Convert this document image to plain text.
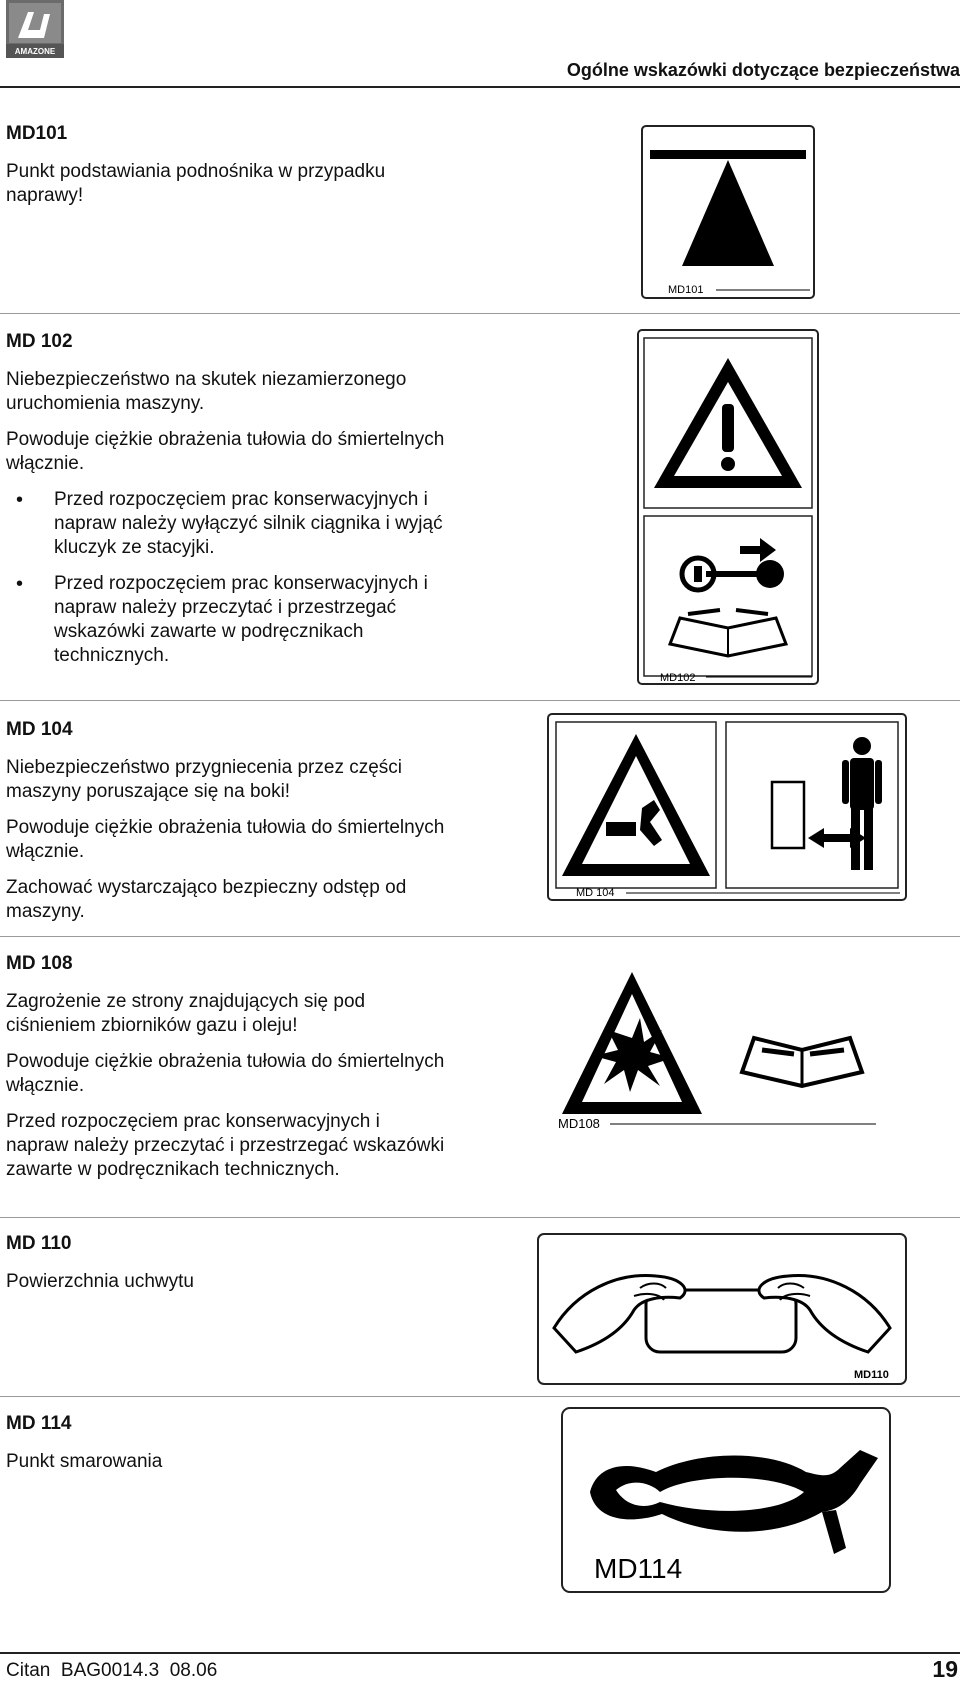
AMAZONE
Ogólne wskazówki dotyczące bezpieczeństwa
MD101

Punkt podstawiania podnośnika w przypadku naprawy!

MD101
MD 102

Niebezpieczeństwo na skutek niezamierzonego uruchomienia maszyny.

Powoduje ciężkie obrażenia tułowia do śmiertelnych włącznie.

• Przed rozpoczęciem prac konserwacyjnych i napraw należy wyłączyć silnik ciągnika i wyjąć kluczyk ze stacyjki.
• Przed rozpoczęciem prac konserwacyjnych i napraw należy przeczytać i przestrzegać wskazówki zawarte w podręcznikach technicznych.
MD102
MD 104

Niebezpieczeństwo przygniecenia przez części maszyny poruszające się na boki!

Powoduje ciężkie obrażenia tułowia do śmiertelnych włącznie.

Zachować wystarczająco bezpieczny odstęp od maszyny.

MD 104
MD 108

Zagrożenie ze strony znajdujących się pod ciśnieniem zbiorników gazu i oleju!

Powoduje ciężkie obrażenia tułowia do śmiertelnych włącznie.

Przed rozpoczęciem prac konserwacyjnych i napraw należy przeczytać i przestrzegać wskazówki zawarte w podręcznikach technicznych.

MD108
MD 110

Powierzchnia uchwytu

MD110
MD 114

Punkt smarowania

MD114
Citan  BAG0014.3  08.06	19
